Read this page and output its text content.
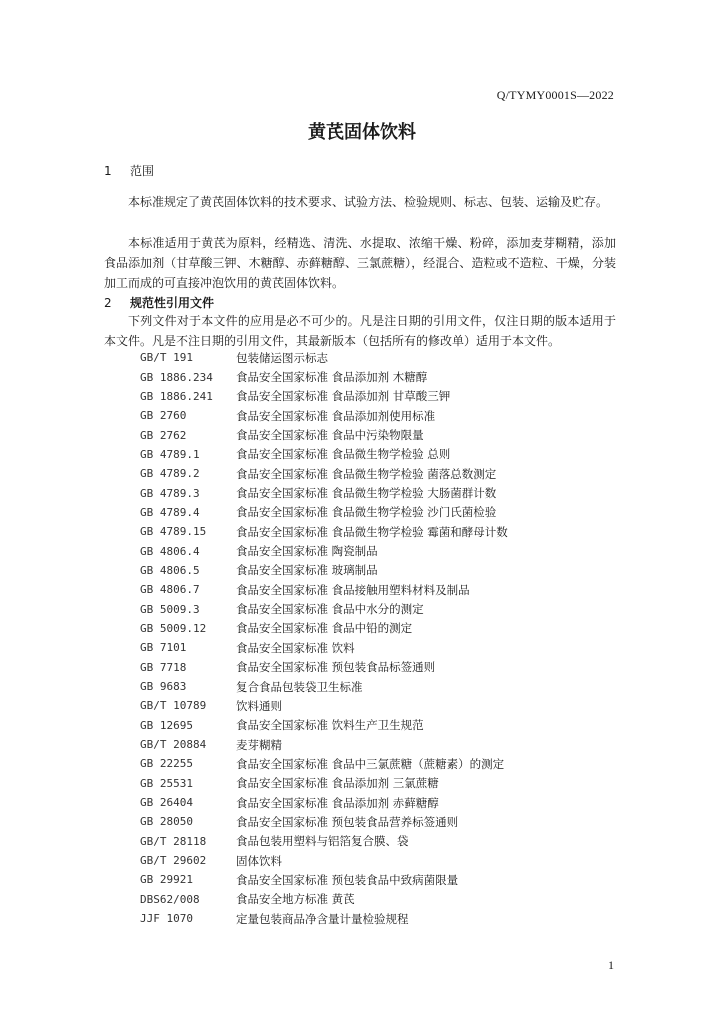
Q/TYMY0001S—2022
黄芪固体饮料
1 范围

本标准规定了黄芪固体饮料的技术要求、试验方法、检验规则、标志、包装、运输及贮存。

本标准适用于黄芪为原料，经精选、清洗、水提取、浓缩干燥、粉碎，添加麦芽糊精，添加食品添加剂（甘草酸三钾、木糖醇、赤藓糖醇、三氯蔗糖），经混合、造粒或不造粒、干燥，分装加工而成的可直接冲泡饮用的黄芪固体饮料。

2 规范性引用文件

下列文件对于本文件的应用是必不可少的。凡是注日期的引用文件，仅注日期的版本适用于本文件。凡是不注日期的引用文件，其最新版本（包括所有的修改单）适用于本文件。

GB/T 191	包装储运图示标志
GB 1886.234	食品安全国家标准 食品添加剂 木糖醇
GB 1886.241	食品安全国家标准 食品添加剂 甘草酸三钾
GB 2760	食品安全国家标准 食品添加剂使用标准
GB 2762	食品安全国家标准 食品中污染物限量
GB 4789.1	食品安全国家标准 食品微生物学检验 总则
GB 4789.2	食品安全国家标准 食品微生物学检验 菌落总数测定
GB 4789.3	食品安全国家标准 食品微生物学检验 大肠菌群计数
GB 4789.4	食品安全国家标准 食品微生物学检验 沙门氏菌检验
GB 4789.15	食品安全国家标准 食品微生物学检验 霉菌和酵母计数
GB 4806.4	食品安全国家标准 陶瓷制品
GB 4806.5	食品安全国家标准 玻璃制品
GB 4806.7	食品安全国家标准 食品接触用塑料材料及制品
GB 5009.3	食品安全国家标准 食品中水分的测定
GB 5009.12	食品安全国家标准 食品中铅的测定
GB 7101	食品安全国家标准 饮料
GB 7718	食品安全国家标准 预包装食品标签通则
GB 9683	复合食品包装袋卫生标准
GB/T 10789	饮料通则
GB 12695	食品安全国家标准 饮料生产卫生规范
GB/T 20884	麦芽糊精
GB 22255	食品安全国家标准 食品中三氯蔗糖（蔗糖素）的测定
GB 25531	食品安全国家标准 食品添加剂 三氯蔗糖
GB 26404	食品安全国家标准 食品添加剂 赤藓糖醇
GB 28050	食品安全国家标准 预包装食品营养标签通则
GB/T 28118	食品包装用塑料与铝箔复合膜、袋
GB/T 29602	固体饮料
GB 29921	食品安全国家标准 预包装食品中致病菌限量
DBS62/008	食品安全地方标准 黄芪
JJF 1070	定量包装商品净含量计量检验规程
1
